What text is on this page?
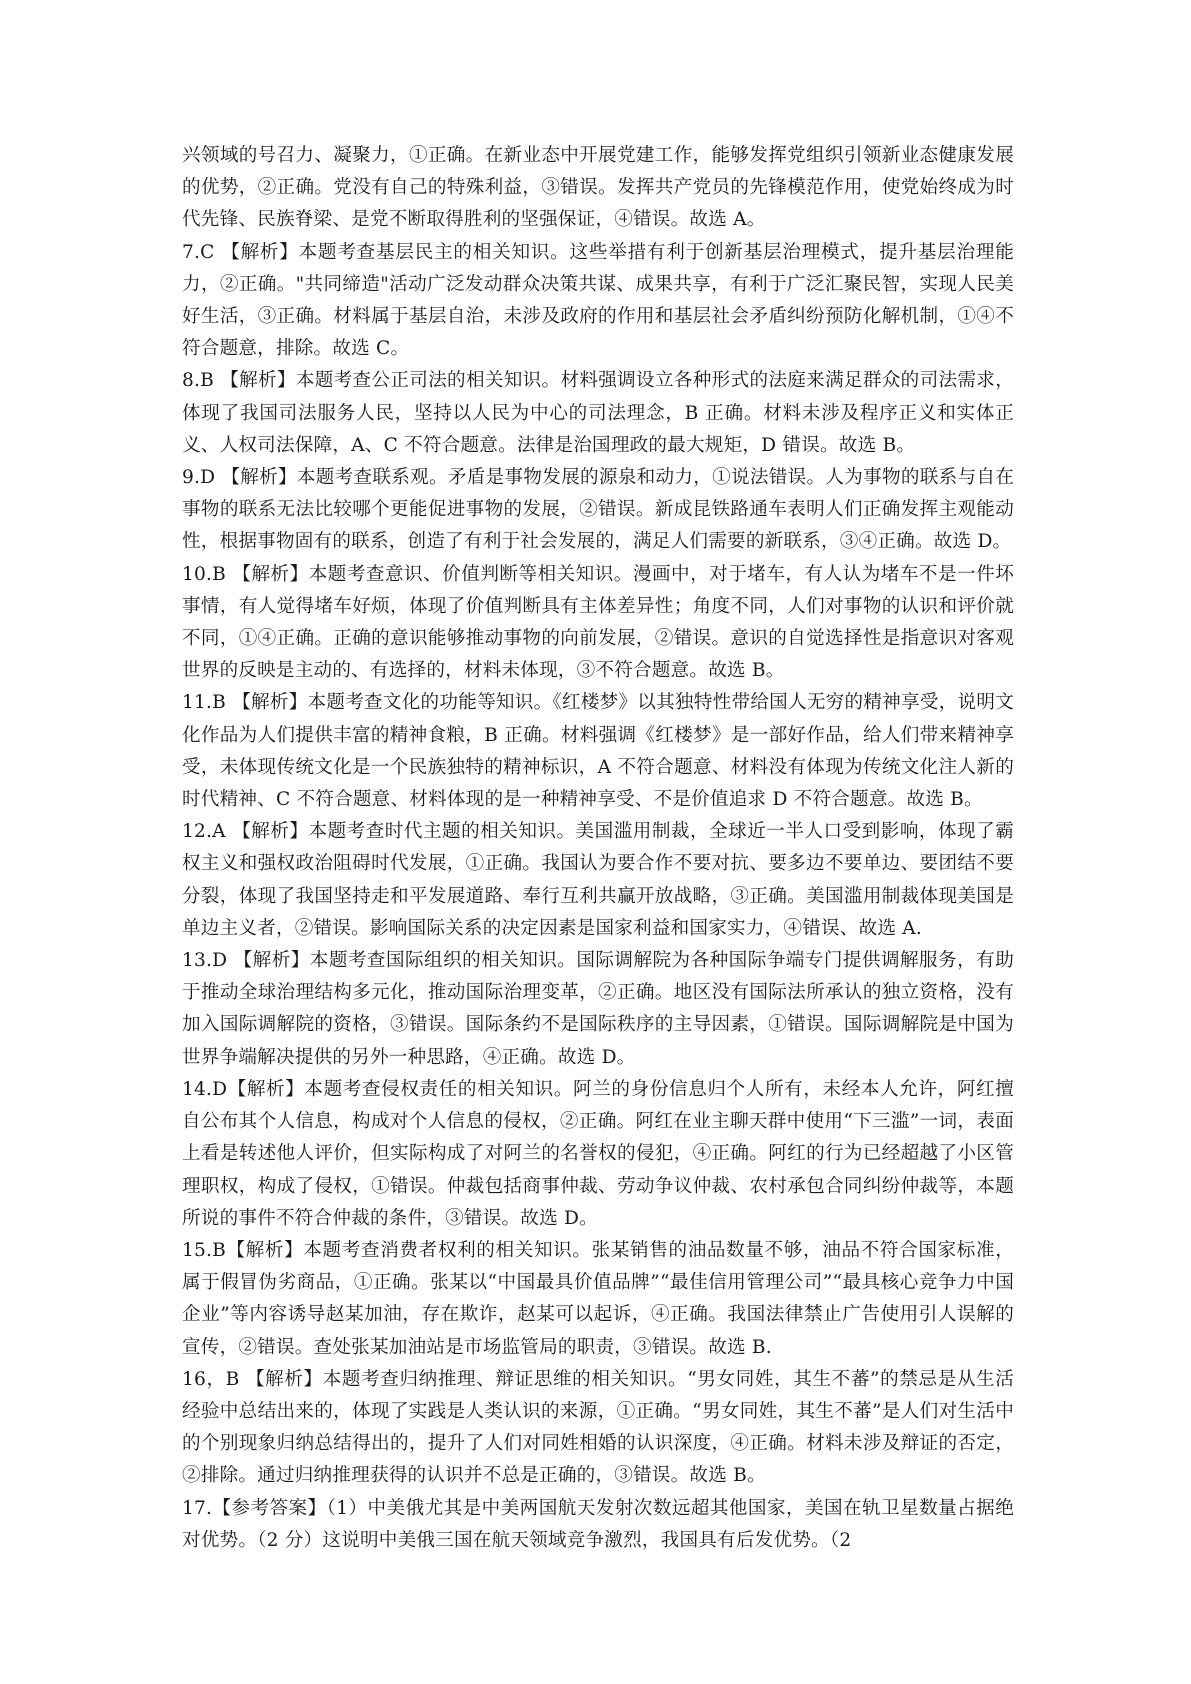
兴领域的号召力、凝聚力，①正确。在新业态中开展党建工作，能够发挥党组织引领新业态健康发展的优势，②正确。党没有自己的特殊利益，③错误。发挥共产党员的先锋模范作用，使党始终成为时代先锋、民族脊梁、是党不断取得胜利的坚强保证，④错误。故选 A。

7.C 【解析】本题考查基层民主的相关知识。这些举措有利于创新基层治理模式，提升基层治理能力，②正确。"共同缔造"活动广泛发动群众决策共谋、成果共享，有利于广泛汇聚民智，实现人民美好生活，③正确。材料属于基层自治，未涉及政府的作用和基层社会矛盾纠纷预防化解机制，①④不符合题意，排除。故选 C。

8.B 【解析】本题考查公正司法的相关知识。材料强调设立各种形式的法庭来满足群众的司法需求，体现了我国司法服务人民，坚持以人民为中心的司法理念，B 正确。材料未涉及程序正义和实体正义、人权司法保障，A、C 不符合题意。法律是治国理政的最大规矩，D 错误。故选 B。

9.D 【解析】本题考查联系观。矛盾是事物发展的源泉和动力，①说法错误。人为事物的联系与自在事物的联系无法比较哪个更能促进事物的发展，②错误。新成昆铁路通车表明人们正确发挥主观能动性，根据事物固有的联系，创造了有利于社会发展的，满足人们需要的新联系，③④正确。故选 D。

10.B 【解析】本题考查意识、价值判断等相关知识。漫画中，对于堵车，有人认为堵车不是一件坏事情，有人觉得堵车好烦，体现了价值判断具有主体差异性；角度不同，人们对事物的认识和评价就不同，①④正确。正确的意识能够推动事物的向前发展，②错误。意识的自觉选择性是指意识对客观世界的反映是主动的、有选择的，材料未体现，③不符合题意。故选 B。

11.B 【解析】本题考查文化的功能等知识。《红楼梦》以其独特性带给国人无穷的精神享受，说明文化作品为人们提供丰富的精神食粮，B 正确。材料强调《红楼梦》是一部好作品，给人们带来精神享受，未体现传统文化是一个民族独特的精神标识，A 不符合题意、材料没有体现为传统文化注人新的时代精神、C 不符合题意、材料体现的是一种精神享受、不是价值追求 D 不符合题意。故选 B。

12.A 【解析】本题考查时代主题的相关知识。美国滥用制裁，全球近一半人口受到影响，体现了霸权主义和强权政治阻碍时代发展，①正确。我国认为要合作不要对抗、要多边不要单边、要团结不要分裂，体现了我国坚持走和平发展道路、奉行互利共赢开放战略，③正确。美国滥用制裁体现美国是单边主义者，②错误。影响国际关系的决定因素是国家利益和国家实力，④错误、故选 A.

13.D 【解析】本题考查国际组织的相关知识。国际调解院为各种国际争端专门提供调解服务，有助于推动全球治理结构多元化，推动国际治理变革，②正确。地区没有国际法所承认的独立资格，没有加入国际调解院的资格，③错误。国际条约不是国际秩序的主导因素，①错误。国际调解院是中国为世界争端解决提供的另外一种思路，④正确。故选 D。

14.D【解析】本题考查侵权责任的相关知识。阿兰的身份信息归个人所有，未经本人允许，阿红擅自公布其个人信息，构成对个人信息的侵权，②正确。阿红在业主聊天群中使用“下三滥”一词，表面上看是转述他人评价，但实际构成了对阿兰的名誉权的侵犯，④正确。阿红的行为已经超越了小区管理职权，构成了侵权，①错误。仲裁包括商事仲裁、劳动争议仲裁、农村承包合同纠纷仲裁等，本题所说的事件不符合仲裁的条件，③错误。故选 D。

15.B【解析】本题考查消费者权利的相关知识。张某销售的油品数量不够，油品不符合国家标准，属于假冒伪劣商品，①正确。张某以“中国最具价值品牌”“最佳信用管理公司”“最具核心竞争力中国企业”等内容诱导赵某加油，存在欺诈，赵某可以起诉，④正确。我国法律禁止广告使用引人误解的宣传，②错误。查处张某加油站是市场监管局的职责，③错误。故选 B.

16，B 【解析】本题考查归纳推理、辩证思维的相关知识。“男女同姓，其生不蕃”的禁忌是从生活经验中总结出来的，体现了实践是人类认识的来源，①正确。“男女同姓，其生不蕃”是人们对生活中的个别现象归纳总结得出的，提升了人们对同姓相婚的认识深度，④正确。材料未涉及辩证的否定，②排除。通过归纳推理获得的认识并不总是正确的，③错误。故选 B。

17.【参考答案】（1）中美俄尤其是中美两国航天发射次数远超其他国家，美国在轨卫星数量占据绝对优势。（2 分）这说明中美俄三国在航天领域竞争激烈，我国具有后发优势。（2
